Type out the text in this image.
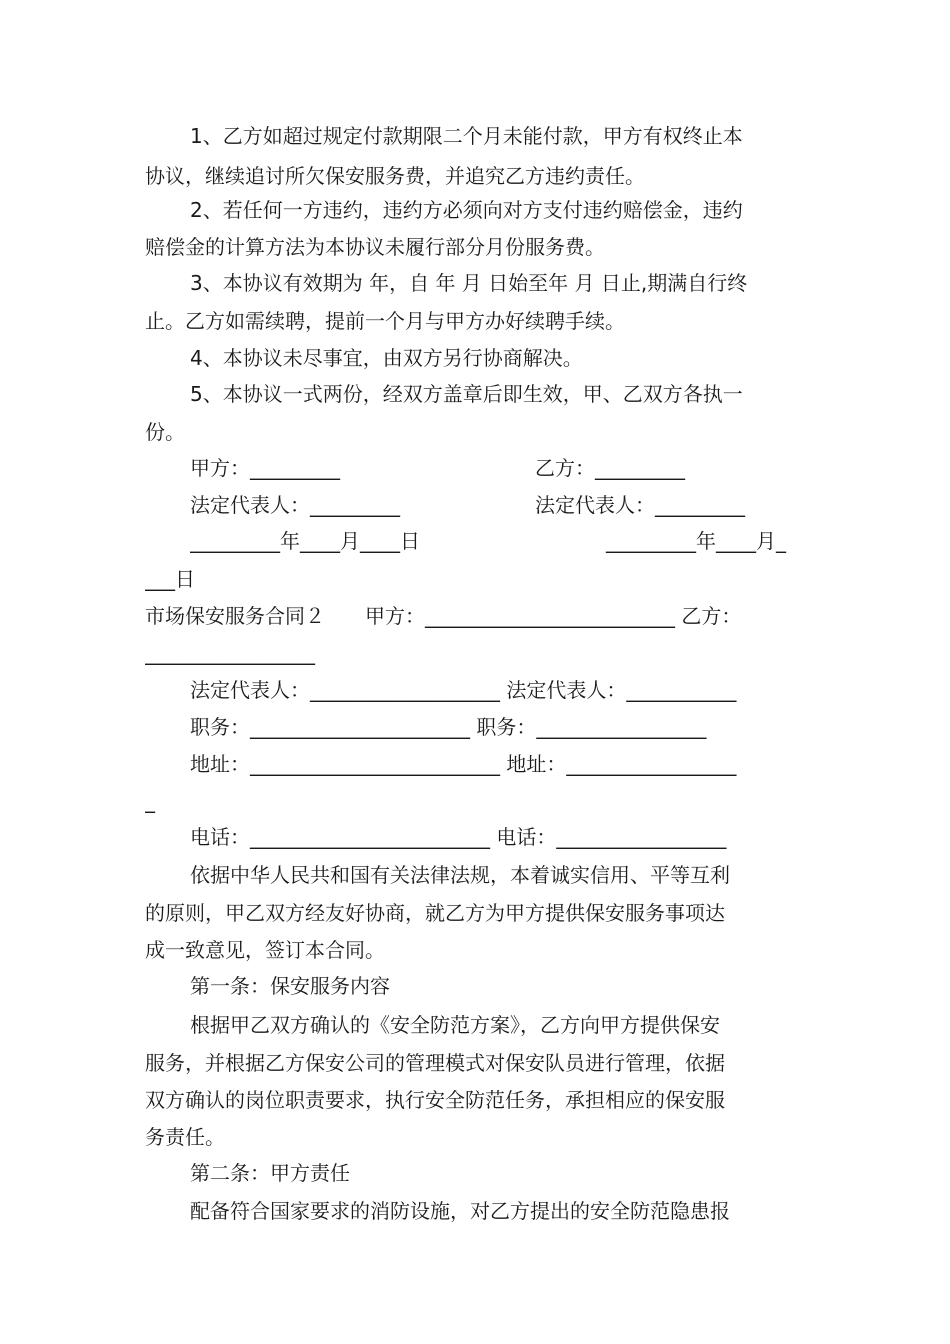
1、乙方如超过规定付款期限二个月未能付款，甲方有权终止本
协议，继续追讨所欠保安服务费，并追究乙方违约责任。
2、若任何一方违约，违约方必须向对方支付违约赔偿金，违约
赔偿金的计算方法为本协议未履行部分月份服务费。
3、本协议有效期为 年，自 年 月 日始至年 月 日止,期满自行终
止。乙方如需续聘，提前一个月与甲方办好续聘手续。
4、本协议未尽事宜，由双方另行协商解决。
5、本协议一式两份，经双方盖章后即生效，甲、乙双方各执一
份。
甲方：_________	乙方：_________
法定代表人：_________	法定代表人：_________
_________年____月____日	_________年____月_
___日
市场保安服务合同２　　甲方：_________________________ 乙方：
_________________
法定代表人：___________________ 法定代表人：___________
职务：______________________ 职务：_________________
地址：_________________________ 地址：_________________
_
电话：________________________ 电话：_________________
依据中华人民共和国有关法律法规，本着诚实信用、平等互利
的原则，甲乙双方经友好协商，就乙方为甲方提供保安服务事项达
成一致意见，签订本合同。
第一条：保安服务内容
根据甲乙双方确认的《安全防范方案》，乙方向甲方提供保安
服务，并根据乙方保安公司的管理模式对保安队员进行管理，依据
双方确认的岗位职责要求，执行安全防范任务，承担相应的保安服
务责任。
第二条：甲方责任
配备符合国家要求的消防设施，对乙方提出的安全防范隐患报
